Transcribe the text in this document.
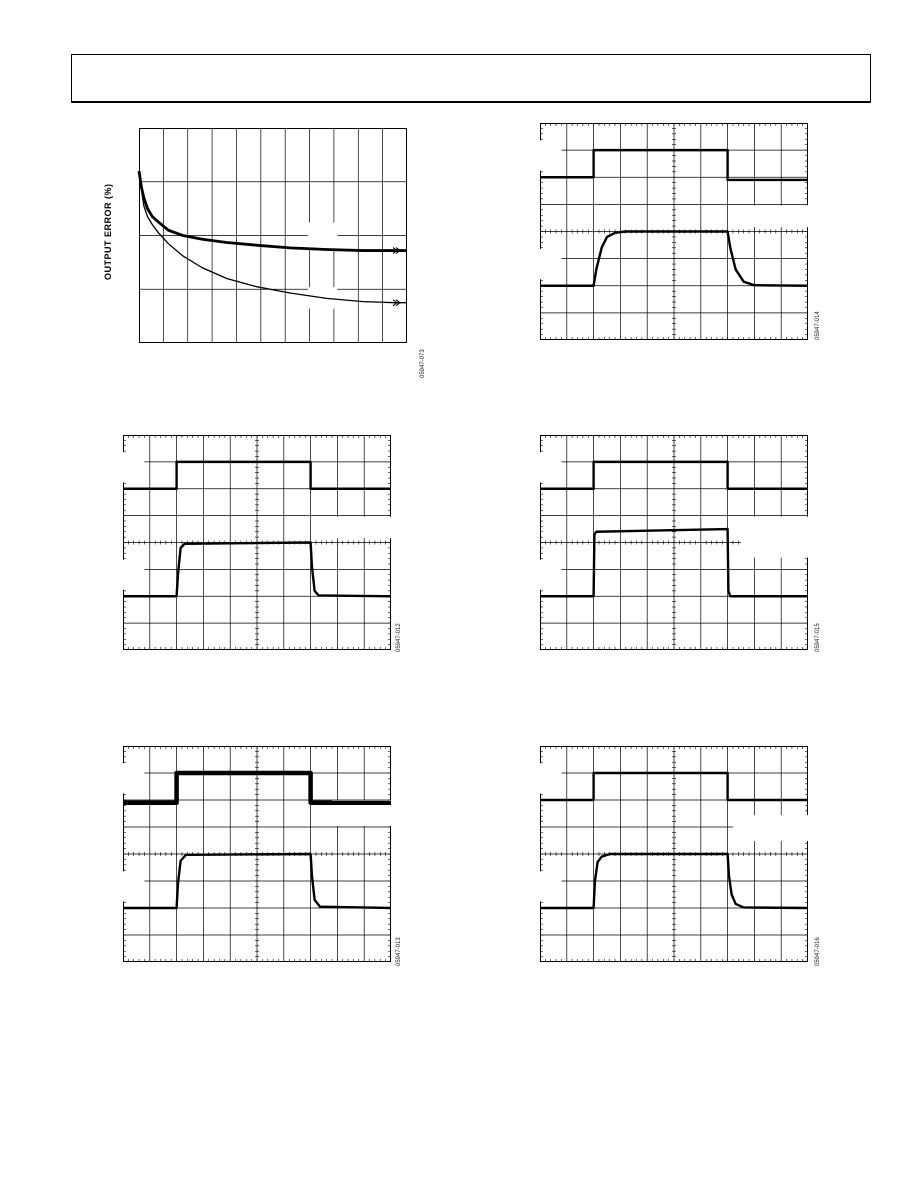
OUTPUT ERROR (%)
05947-073
05947-014
05947-012	05947-015
05947-013	05947-016
